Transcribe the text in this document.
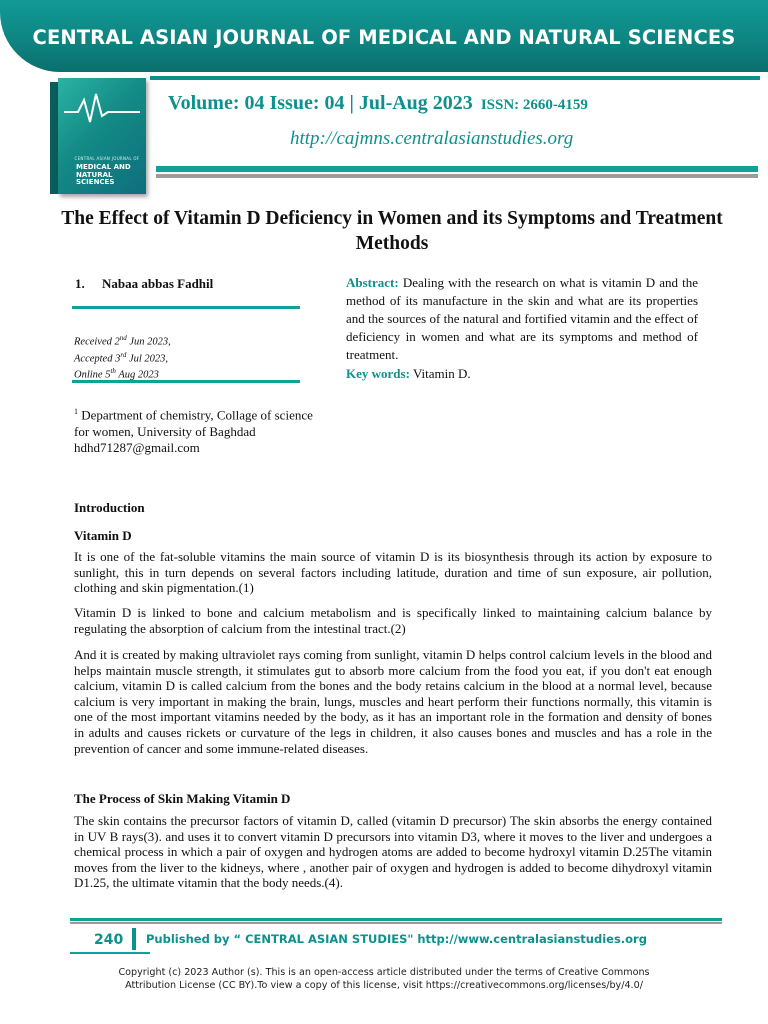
CENTRAL ASIAN JOURNAL OF MEDICAL AND NATURAL SCIENCES
CENTRAL ASIAN JOURNAL OF
MEDICAL AND NATURAL SCIENCES
Volume: 04 Issue: 04 | Jul-Aug 2023 ISSN: 2660-4159
http://cajmns.centralasianstudies.org
The Effect of Vitamin D Deficiency in Women and its Symptoms and Treatment Methods
1. Nabaa abbas Fadhil
Received 2nd Jun 2023,
Accepted 3rd Jul 2023,
Online 5th Aug 2023
$^1$ Department of chemistry, Collage of science for women, University of Baghdad
hdhd71287@gmail.com
Abstract: Dealing with the research on what is vitamin D and the method of its manufacture in the skin and what are its properties and the sources of the natural and fortified vitamin and the effect of deficiency in women and what are its symptoms and method of treatment.
Key words: Vitamin D.
Introduction
Vitamin D
It is one of the fat-soluble vitamins the main source of vitamin D is its biosynthesis through its action by exposure to sunlight, this in turn depends on several factors including latitude, duration and time of sun exposure, air pollution, clothing and skin pigmentation.(1)
Vitamin D is linked to bone and calcium metabolism and is specifically linked to maintaining calcium balance by regulating the absorption of calcium from the intestinal tract.(2)
And it is created by making ultraviolet rays coming from sunlight, vitamin D helps control calcium levels in the blood and helps maintain muscle strength, it stimulates gut to absorb more calcium from the food you eat, if you don't eat enough calcium, vitamin D is called calcium from the bones and the body retains calcium in the blood at a normal level, because calcium is very important in making the brain, lungs, muscles and heart perform their functions normally, this vitamin is one of the most important vitamins needed by the body, as it has an important role in the formation and density of bones in adults and causes rickets or curvature of the legs in children, it also causes bones and muscles and has a role in the prevention of cancer and some immune-related diseases.
The Process of Skin Making Vitamin D
The skin contains the precursor factors of vitamin D, called (vitamin D precursor) The skin absorbs the energy contained in UV B rays(3). and uses it to convert vitamin D precursors into vitamin D3, where it moves to the liver and undergoes a chemical process in which a pair of oxygen and hydrogen atoms are added to become hydroxyl vitamin D.25The vitamin moves from the liver to the kidneys, where , another pair of oxygen and hydrogen is added to become dihydroxyl vitamin D1.25, the ultimate vitamin that the body needs.(4).
240 Published by “ CENTRAL ASIAN STUDIES" http://www.centralasianstudies.org
Copyright (c) 2023 Author (s). This is an open-access article distributed under the terms of Creative Commons
Attribution License (CC BY).To view a copy of this license, visit https://creativecommons.org/licenses/by/4.0/
